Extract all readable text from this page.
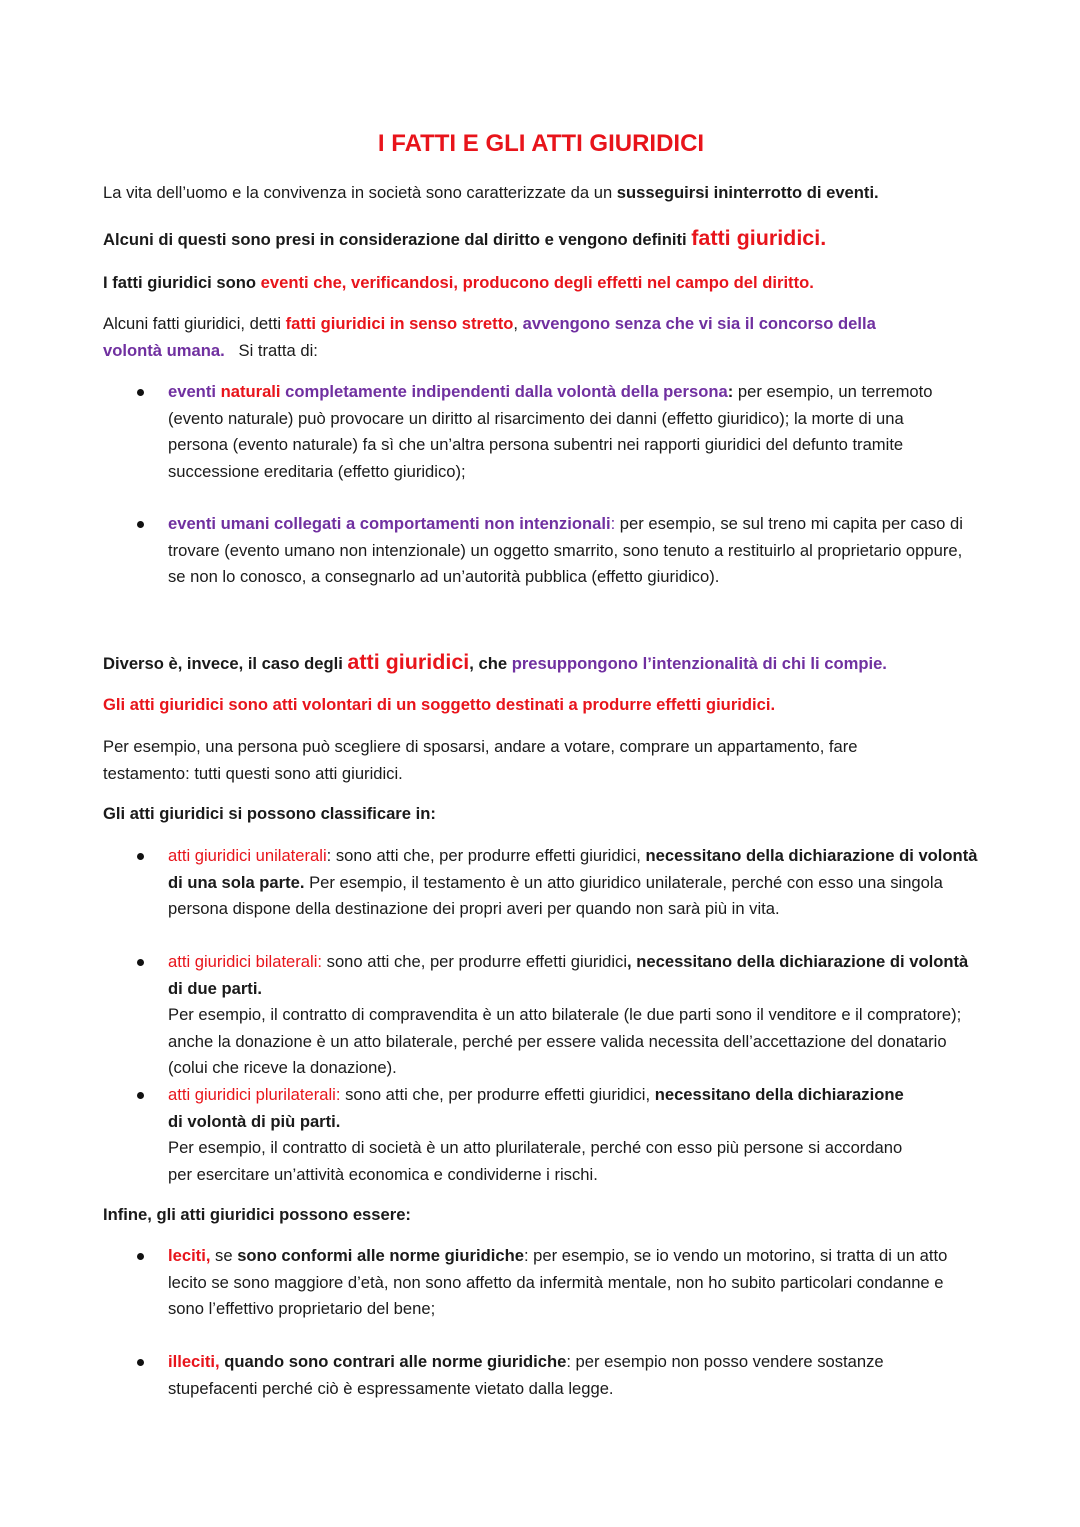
I FATTI E GLI ATTI GIURIDICI

La vita dell’uomo e la convivenza in società sono caratterizzate da un susseguirsi ininterrotto di eventi.

Alcuni di questi sono presi in considerazione dal diritto e vengono definiti fatti giuridici.

I fatti giuridici sono eventi che, verificandosi, producono degli effetti nel campo del diritto.

Alcuni fatti giuridici, detti fatti giuridici in senso stretto, avvengono senza che vi sia il concorso della volontà umana.   Si tratta di:

eventi naturali completamente indipendenti dalla volontà della persona: per esempio, un terremoto (evento naturale) può provocare un diritto al risarcimento dei danni (effetto giuridico); la morte di una persona (evento naturale) fa sì che un’altra persona subentri nei rapporti giuridici del defunto tramite successione ereditaria (effetto giuridico);

eventi umani collegati a comportamenti non intenzionali: per esempio, se sul treno mi capita per caso di trovare (evento umano non intenzionale) un oggetto smarrito, sono tenuto a restituirlo al proprietario oppure, se non lo conosco, a consegnarlo ad un’autorità pubblica (effetto giuridico).

Diverso è, invece, il caso degli atti giuridici, che presuppongono l’intenzionalità di chi li compie.

Gli atti giuridici sono atti volontari di un soggetto destinati a produrre effetti giuridici.

Per esempio, una persona può scegliere di sposarsi, andare a votare, comprare un appartamento, fare testamento: tutti questi sono atti giuridici.

Gli atti giuridici si possono classificare in:

atti giuridici unilaterali: sono atti che, per produrre effetti giuridici, necessitano della dichiarazione di volontà di una sola parte. Per esempio, il testamento è un atto giuridico unilaterale, perché con esso una singola persona dispone della destinazione dei propri averi per quando non sarà più in vita.

atti giuridici bilaterali: sono atti che, per produrre effetti giuridici, necessitano della dichiarazione di volontà di due parti.
Per esempio, il contratto di compravendita è un atto bilaterale (le due parti sono il venditore e il compratore); anche la donazione è un atto bilaterale, perché per essere valida necessita dell’accettazione del donatario (colui che riceve la donazione).

atti giuridici plurilaterali: sono atti che, per produrre effetti giuridici, necessitano della dichiarazione di volontà di più parti.
Per esempio, il contratto di società è un atto plurilaterale, perché con esso più persone si accordano per esercitare un’attività economica e condividerne i rischi.

Infine, gli atti giuridici possono essere:

leciti, se sono conformi alle norme giuridiche: per esempio, se io vendo un motorino, si tratta di un atto lecito se sono maggiore d’età, non sono affetto da infermità mentale, non ho subito particolari condanne e sono l’effettivo proprietario del bene;

illeciti, quando sono contrari alle norme giuridiche: per esempio non posso vendere sostanze stupefacenti perché ciò è espressamente vietato dalla legge.
